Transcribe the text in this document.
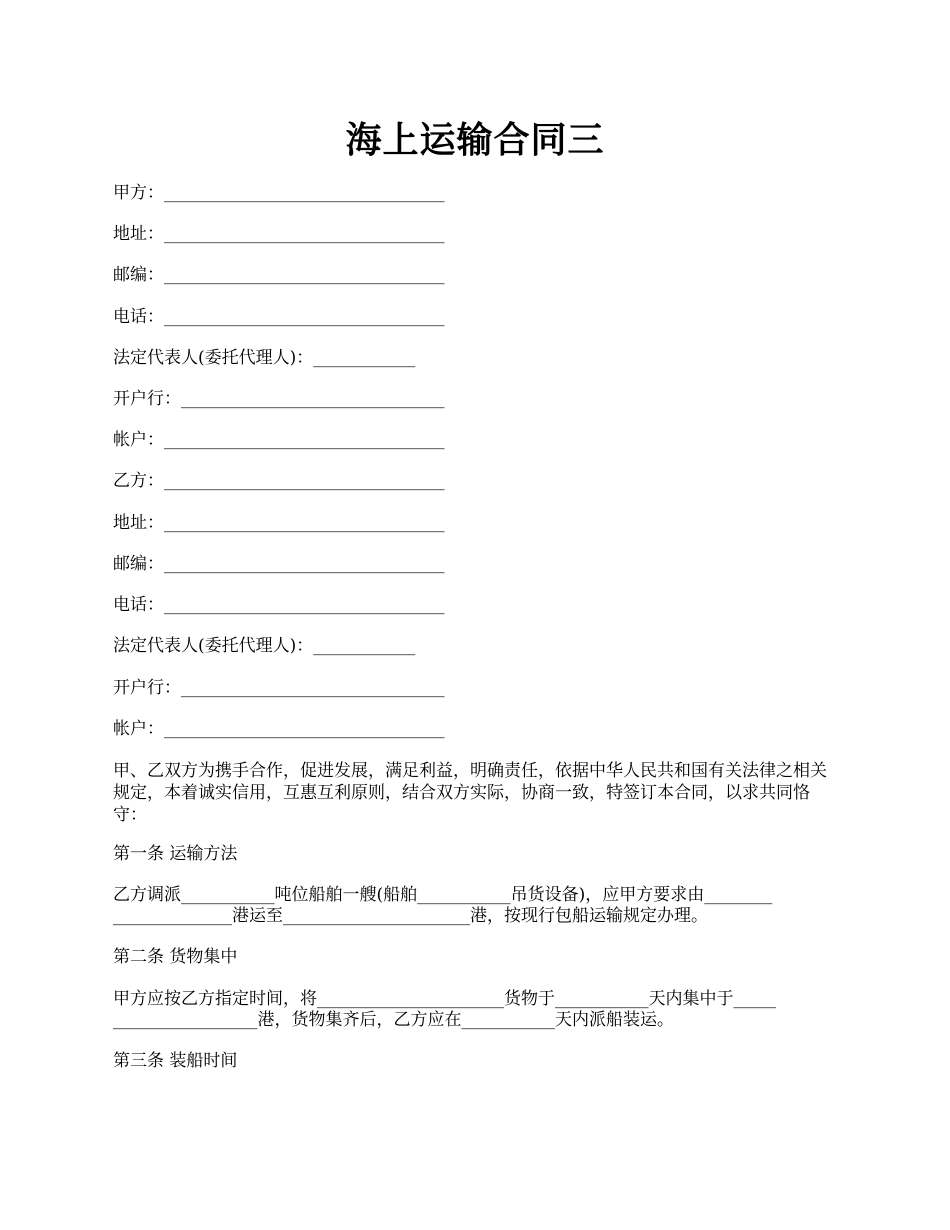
海上运输合同三
甲方：_________________________________
地址：_________________________________
邮编：_________________________________
电话：_________________________________
法定代表人(委托代理人)：____________
开户行：_______________________________
帐户：_________________________________
乙方：_________________________________
地址：_________________________________
邮编：_________________________________
电话：_________________________________
法定代表人(委托代理人)：____________
开户行：_______________________________
帐户：_________________________________
甲、乙双方为携手合作，促进发展，满足利益，明确责任，依据中华人民共和国有关法律之相关规定，本着诚实信用，互惠互利原则，结合双方实际，协商一致，特签订本合同，以求共同恪守：
第一条 运输方法
乙方调派___________吨位船舶一艘(船舶___________吊货设备)，应甲方要求由________
______________港运至______________________港，按现行包船运输规定办理。
第二条 货物集中
甲方应按乙方指定时间，将______________________货物于___________天内集中于_____
_________________港，货物集齐后，乙方应在___________天内派船装运。
第三条 装船时间
